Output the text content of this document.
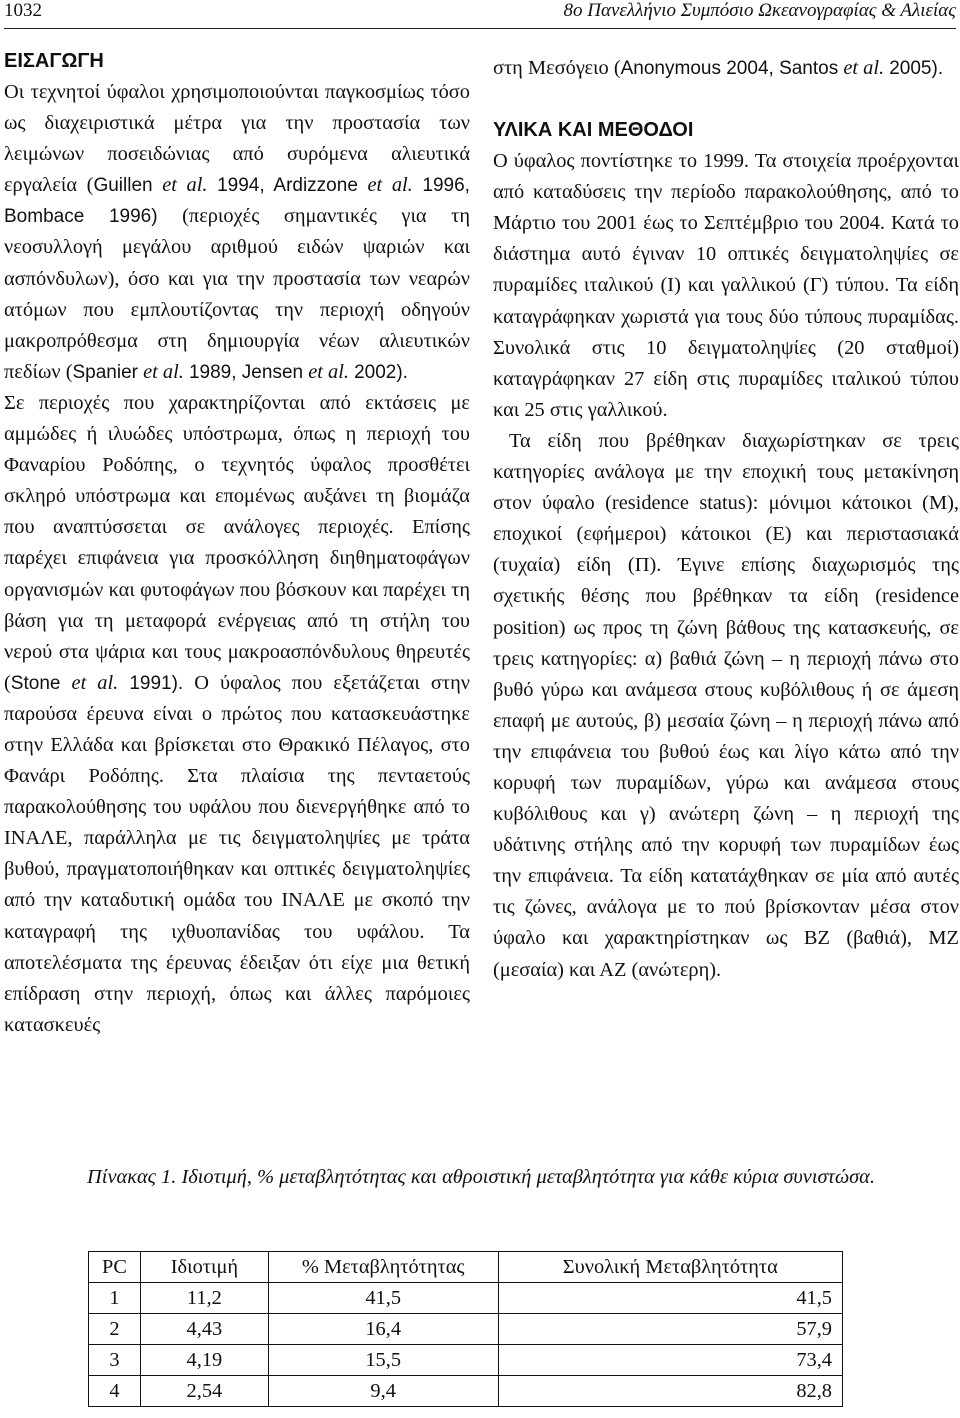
1032	8ο Πανελλήνιο Συμπόσιο Ωκεανογραφίας & Αλιείας
ΕΙΣΑΓΩΓΗ

Οι τεχνητοί ύφαλοι χρησιμοποιούνται παγκοσμίως τόσο ως διαχειριστικά μέτρα για την προστασία των λειμώνων ποσειδώνιας από συρόμενα αλιευτικά εργαλεία (Guillen et al. 1994, Ardizzone et al. 1996, Bombace 1996) (περιοχές σημαντικές για τη νεοσυλλογή μεγάλου αριθμού ειδών ψαριών και ασπόνδυλων), όσο και για την προστασία των νεαρών ατόμων που εμπλουτίζοντας την περιοχή οδηγούν μακροπρόθεσμα στη δημιουργία νέων αλιευτικών πεδίων (Spanier et al. 1989, Jensen et al. 2002).

Σε περιοχές που χαρακτηρίζονται από εκτάσεις με αμμώδες ή ιλυώδες υπόστρωμα, όπως η περιοχή του Φαναρίου Ροδόπης, ο τεχνητός ύφαλος προσθέτει σκληρό υπόστρωμα και επομένως αυξάνει τη βιομάζα που αναπτύσσεται σε ανάλογες περιοχές. Επίσης παρέχει επιφάνεια για προσκόλληση διηθηματοφάγων οργανισμών και φυτοφάγων που βόσκουν και παρέχει τη βάση για τη μεταφορά ενέργειας από τη στήλη του νερού στα ψάρια και τους μακροασπόνδυλους θηρευτές (Stone et al. 1991). Ο ύφαλος που εξετάζεται στην παρούσα έρευνα είναι ο πρώτος που κατασκευάστηκε στην Ελλάδα και βρίσκεται στο Θρακικό Πέλαγος, στο Φανάρι Ροδόπης. Στα πλαίσια της πενταετούς παρακολούθησης του υφάλου που διενεργήθηκε από το ΙΝΑΛΕ, παράλληλα με τις δειγματοληψίες με τράτα βυθού, πραγματοποιήθηκαν και οπτικές δειγματοληψίες από την καταδυτική ομάδα του ΙΝΑΛΕ με σκοπό την καταγραφή της ιχθυοπανίδας του υφάλου. Τα αποτελέσματα της έρευνας έδειξαν ότι είχε μια θετική επίδραση στην περιοχή, όπως και άλλες παρόμοιες κατασκευές

στη Μεσόγειο (Anonymous 2004, Santos et al. 2005).

ΥΛΙΚΑ ΚΑΙ ΜΕΘΟΔΟΙ

Ο ύφαλος ποντίστηκε το 1999. Τα στοιχεία προέρχονται από καταδύσεις την περίοδο παρακολούθησης, από το Μάρτιο του 2001 έως το Σεπτέμβριο του 2004. Κατά το διάστημα αυτό έγιναν 10 οπτικές δειγματοληψίες σε πυραμίδες ιταλικού (Ι) και γαλλικού (Γ) τύπου. Τα είδη καταγράφηκαν χωριστά για τους δύο τύπους πυραμίδας. Συνολικά στις 10 δειγματοληψίες (20 σταθμοί) καταγράφηκαν 27 είδη στις πυραμίδες ιταλικού τύπου και 25 στις γαλλικού.

Τα είδη που βρέθηκαν διαχωρίστηκαν σε τρεις κατηγορίες ανάλογα με την εποχική τους μετακίνηση στον ύφαλο (residence status): μόνιμοι κάτοικοι (Μ), εποχικοί (εφήμεροι) κάτοικοι (Ε) και περιστασιακά (τυχαία) είδη (Π). Έγινε επίσης διαχωρισμός της σχετικής θέσης που βρέθηκαν τα είδη (residence position) ως προς τη ζώνη βάθους της κατασκευής, σε τρεις κατηγορίες: α) βαθιά ζώνη – η περιοχή πάνω στο βυθό γύρω και ανάμεσα στους κυβόλιθους ή σε άμεση επαφή με αυτούς, β) μεσαία ζώνη – η περιοχή πάνω από την επιφάνεια του βυθού έως και λίγο κάτω από την κορυφή των πυραμίδων, γύρω και ανάμεσα στους κυβόλιθους και γ) ανώτερη ζώνη – η περιοχή της υδάτινης στήλης από την κορυφή των πυραμίδων έως την επιφάνεια. Τα είδη κατατάχθηκαν σε μία από αυτές τις ζώνες, ανάλογα με το πού βρίσκονταν μέσα στον ύφαλο και χαρακτηρίστηκαν ως ΒΖ (βαθιά), ΜΖ (μεσαία) και ΑΖ (ανώτερη).

Πίνακας 1. Ιδιοτιμή, % μεταβλητότητας και αθροιστική μεταβλητότητα για κάθε κύρια συνιστώσα.
PC	Ιδιοτιμή	% Μεταβλητότητας	Συνολική Μεταβλητότητα
1	11,2	41,5	41,5
2	4,43	16,4	57,9
3	4,19	15,5	73,4
4	2,54	9,4	82,8
